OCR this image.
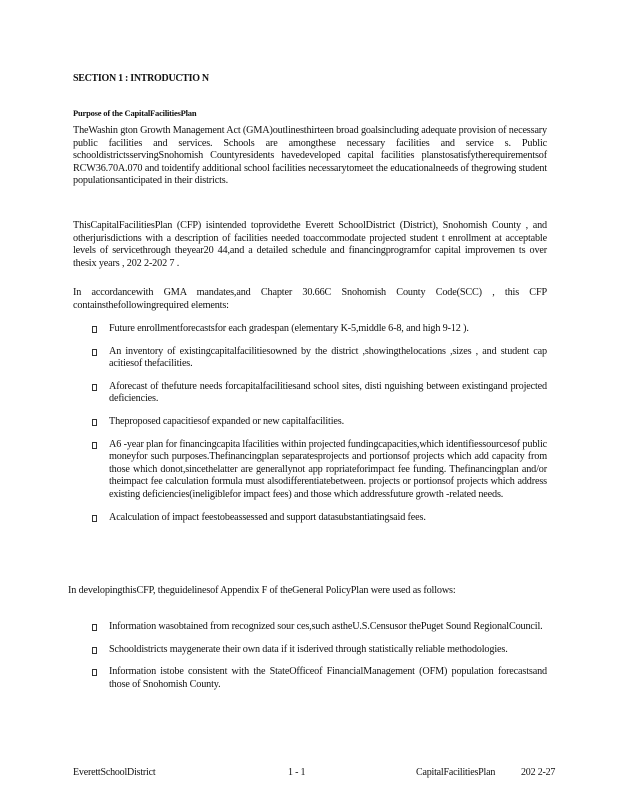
SECTION 1 : INTRODUCTIO N
Purpose of the CapitalFacilitiesPlan
TheWashin gton Growth Management Act (GMA)outlinesthirteen broad goalsincluding adequate provision of necessary public facilities and services. Schools are amongthese necessary facilities and service s. Public schooldistrictsservingSnohomish Countyresidents havedeveloped capital facilities planstosatisfytherequirementsof RCW36.70A.070 and toidentify additional school facilities necessarytomeet the educationalneeds of thegrowing student populationsanticipated in their districts.
ThisCapitalFacilitiesPlan (CFP) isintended toprovidethe Everett SchoolDistrict (District), Snohomish County , and otherjurisdictions with a description of facilities needed toaccommodate projected student t enrollment at acceptable levels of servicethrough theyear20 44,and a detailed schedule and financingprogramfor capital improvemen ts over thesix years , 202 2-202 7 .
In accordancewith GMA mandates,and Chapter 30.66C Snohomish County Code(SCC) , this CFP containsthefollowingrequired elements:
Future enrollmentforecastsfor each gradespan (elementary K-5,middle 6-8, and high 9-12 ).
An inventory of existingcapitalfacilitiesowned by the district ,showingthelocations ,sizes , and student cap acitiesof thefacilities.
Aforecast of thefuture needs forcapitalfacilitiesand school sites, disti nguishing between existingand projected deficiencies.
Theproposed capacitiesof expanded or new capitalfacilities.
A6 -year plan for financingcapita lfacilities within projected fundingcapacities,which identifiessourcesof public moneyfor such purposes.Thefinancingplan separatesprojects and portionsof projects which add capacity from those which donot,sincethelatter are generallynot app ropriateforimpact fee funding. Thefinancingplan and/or theimpact fee calculation formula must alsodifferentiatebetween. projects or portionsof projects which address existing deficiencies(ineligiblefor impact fees) and those which addressfuture growth -related needs.
Acalculation of impact feestobeassessed and support datasubstantiatingsaid fees.
In developingthisCFP, theguidelinesof Appendix F of theGeneral PolicyPlan were used as follows:
Information wasobtained from recognized sour ces,such astheU.S.Censusor thePuget Sound RegionalCouncil.
Schooldistricts maygenerate their own data if it isderived through statistically reliable methodologies.
Information istobe consistent with the StateOfficeof FinancialManagement (OFM) population forecastsand those of Snohomish County.
EverettSchoolDistrict	1 - 1	CapitalFacilitiesPlan	202 2-27
